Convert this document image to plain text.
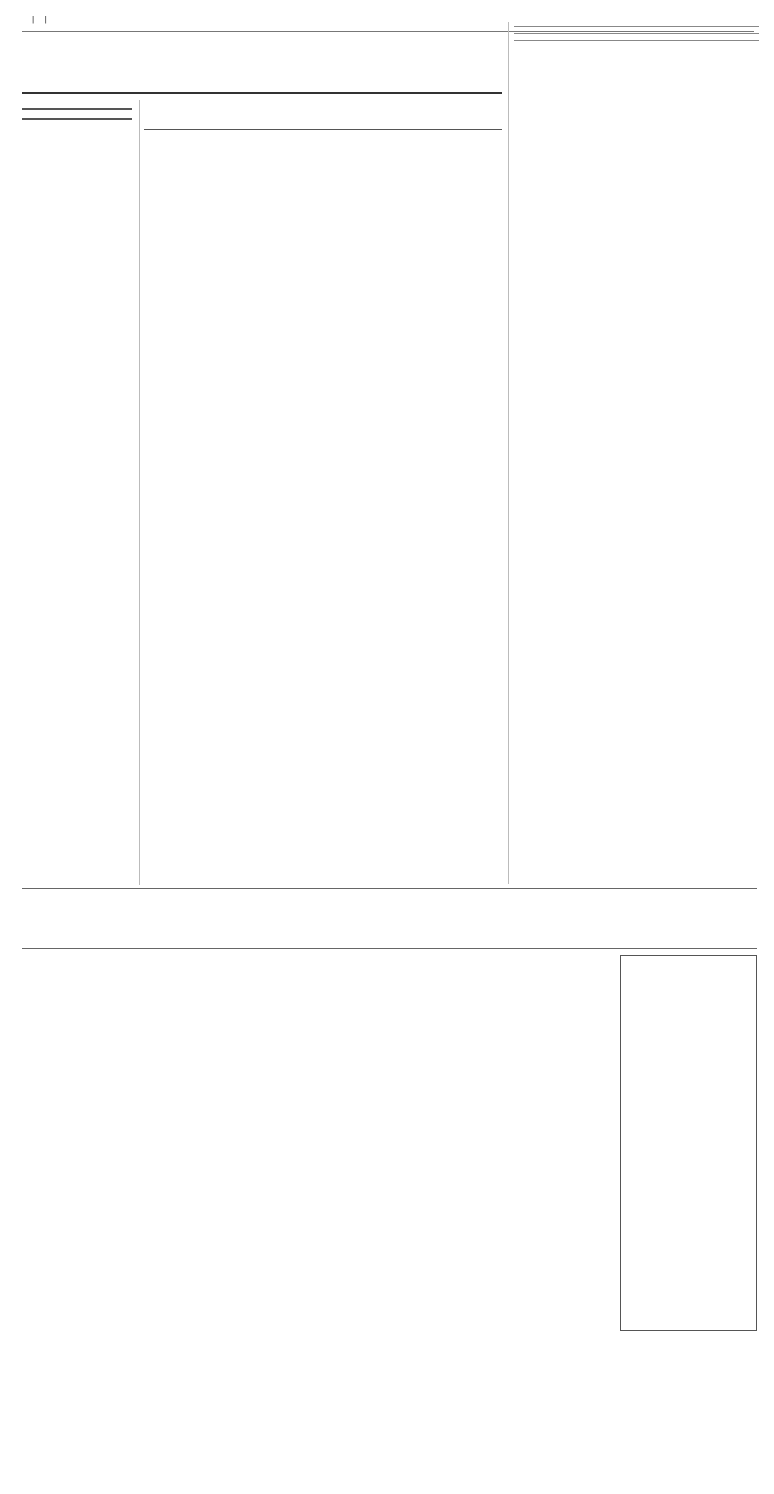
| |
